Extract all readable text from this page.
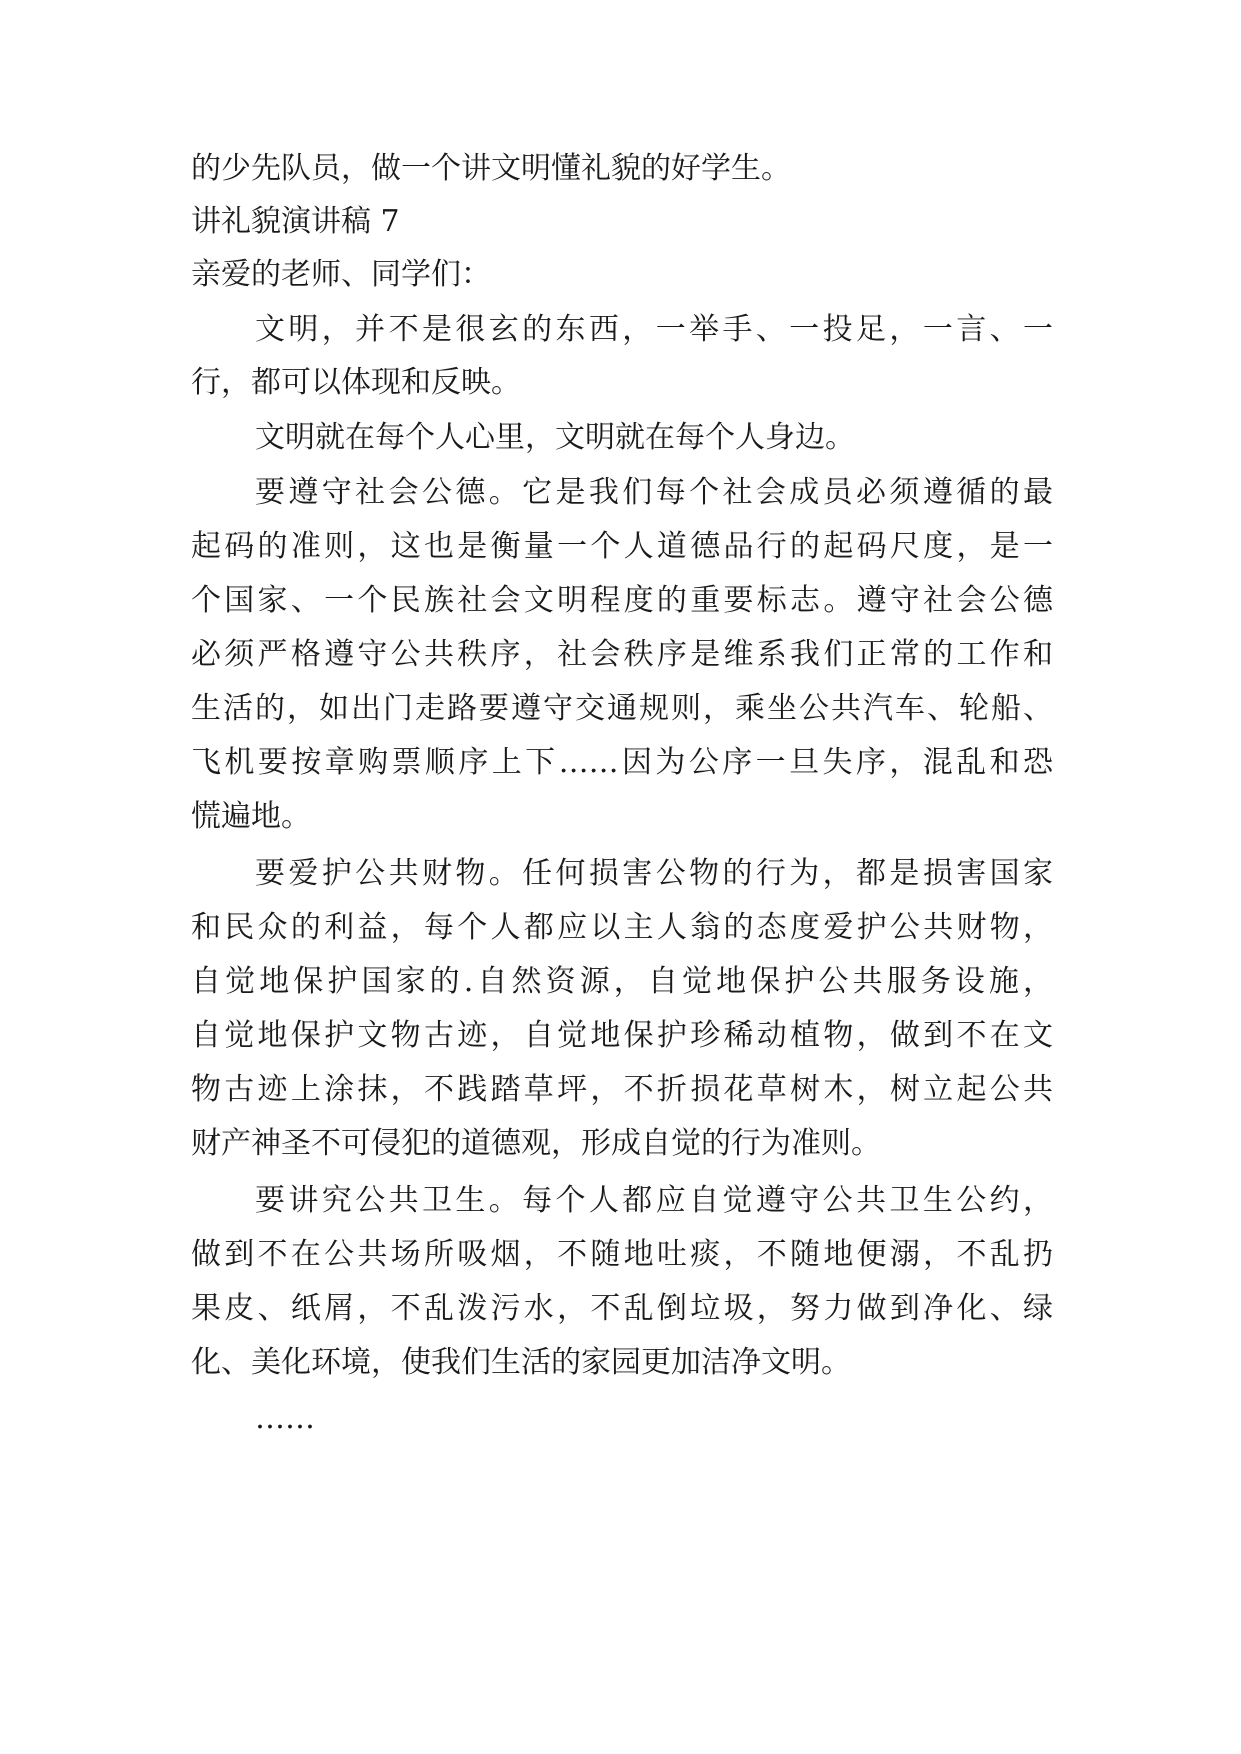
的少先队员，做一个讲文明懂礼貌的好学生。
讲礼貌演讲稿 7
亲爱的老师、同学们：
文明，并不是很玄的东西，一举手、一投足，一言、一
行，都可以体现和反映。
文明就在每个人心里，文明就在每个人身边。
要遵守社会公德。它是我们每个社会成员必须遵循的最
起码的准则，这也是衡量一个人道德品行的起码尺度，是一
个国家、一个民族社会文明程度的重要标志。遵守社会公德
必须严格遵守公共秩序，社会秩序是维系我们正常的工作和
生活的，如出门走路要遵守交通规则，乘坐公共汽车、轮船、
飞机要按章购票顺序上下……因为公序一旦失序，混乱和恐
慌遍地。
要爱护公共财物。任何损害公物的行为，都是损害国家
和民众的利益，每个人都应以主人翁的态度爱护公共财物，
自觉地保护国家的.自然资源，自觉地保护公共服务设施，
自觉地保护文物古迹，自觉地保护珍稀动植物，做到不在文
物古迹上涂抹，不践踏草坪，不折损花草树木，树立起公共
财产神圣不可侵犯的道德观，形成自觉的行为准则。
要讲究公共卫生。每个人都应自觉遵守公共卫生公约，
做到不在公共场所吸烟，不随地吐痰，不随地便溺，不乱扔
果皮、纸屑，不乱泼污水，不乱倒垃圾，努力做到净化、绿
化、美化环境，使我们生活的家园更加洁净文明。
……
